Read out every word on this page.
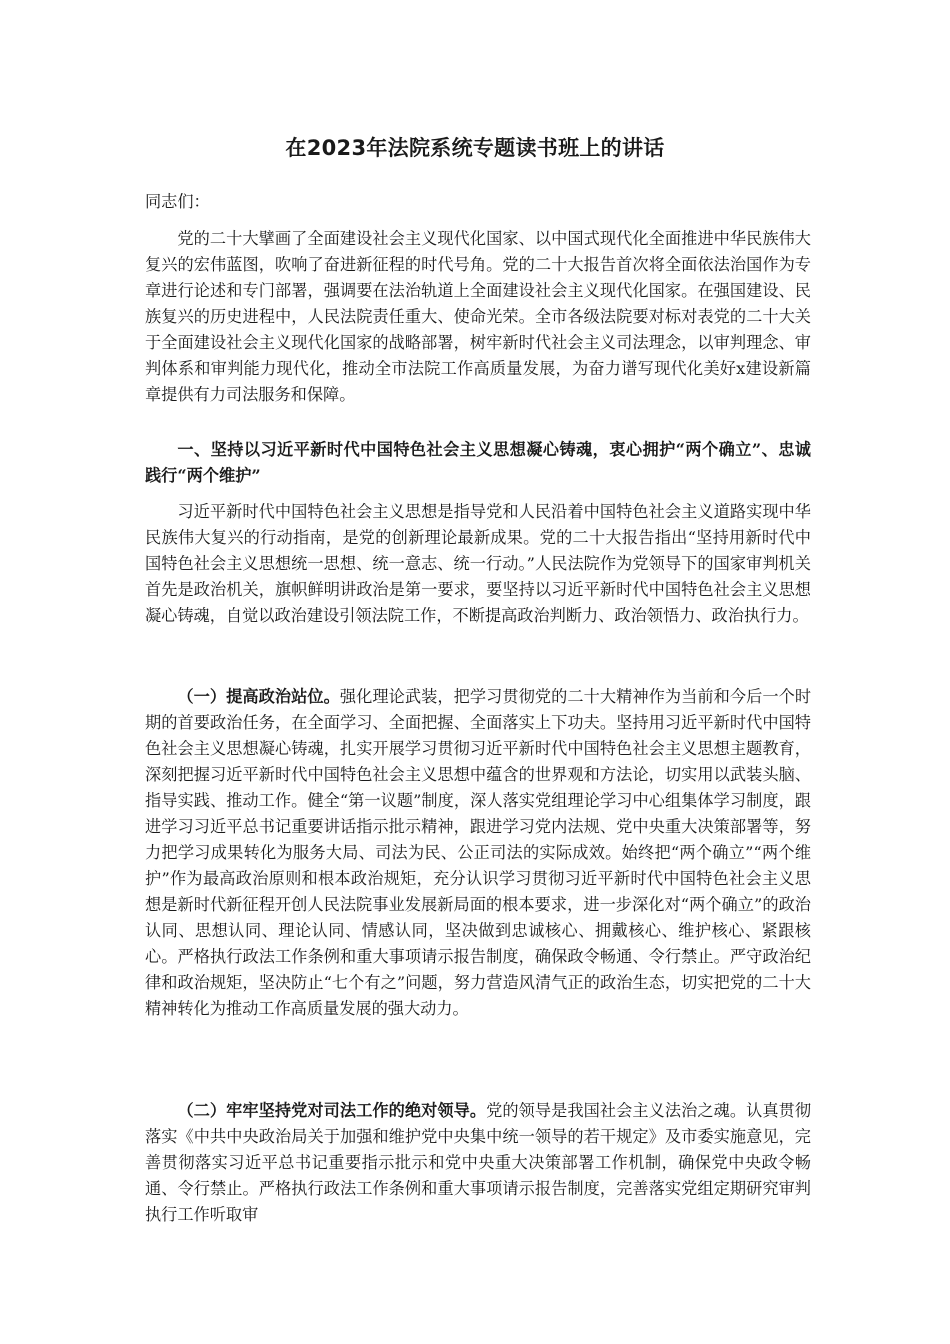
在2023年法院系统专题读书班上的讲话

同志们：

党的二十大擘画了全面建设社会主义现代化国家、以中国式现代化全面推进中华民族伟大复兴的宏伟蓝图，吹响了奋进新征程的时代号角。党的二十大报告首次将全面依法治国作为专章进行论述和专门部署，强调要在法治轨道上全面建设社会主义现代化国家。在强国建设、民族复兴的历史进程中，人民法院责任重大、使命光荣。全市各级法院要对标对表党的二十大关于全面建设社会主义现代化国家的战略部署，树牢新时代社会主义司法理念，以审判理念、审判体系和审判能力现代化，推动全市法院工作高质量发展，为奋力谱写现代化美好x建设新篇章提供有力司法服务和保障。

一、坚持以习近平新时代中国特色社会主义思想凝心铸魂，衷心拥护“两个确立”、忠诚践行“两个维护”

习近平新时代中国特色社会主义思想是指导党和人民沿着中国特色社会主义道路实现中华民族伟大复兴的行动指南，是党的创新理论最新成果。党的二十大报告指出“坚持用新时代中国特色社会主义思想统一思想、统一意志、统一行动。”人民法院作为党领导下的国家审判机关首先是政治机关，旗帜鲜明讲政治是第一要求，要坚持以习近平新时代中国特色社会主义思想凝心铸魂，自觉以政治建设引领法院工作，不断提高政治判断力、政治领悟力、政治执行力。

（一）提高政治站位。强化理论武装，把学习贯彻党的二十大精神作为当前和今后一个时期的首要政治任务，在全面学习、全面把握、全面落实上下功夫。坚持用习近平新时代中国特色社会主义思想凝心铸魂，扎实开展学习贯彻习近平新时代中国特色社会主义思想主题教育，深刻把握习近平新时代中国特色社会主义思想中蕴含的世界观和方法论，切实用以武装头脑、指导实践、推动工作。健全“第一议题”制度，深人落实党组理论学习中心组集体学习制度，跟进学习习近平总书记重要讲话指示批示精神，跟进学习党内法规、党中央重大决策部署等，努力把学习成果转化为服务大局、司法为民、公正司法的实际成效。始终把“两个确立”“两个维护”作为最高政治原则和根本政治规矩，充分认识学习贯彻习近平新时代中国特色社会主义思想是新时代新征程开创人民法院事业发展新局面的根本要求，进一步深化对“两个确立”的政治认同、思想认同、理论认同、情感认同，坚决做到忠诚核心、拥戴核心、维护核心、紧跟核心。严格执行政法工作条例和重大事项请示报告制度，确保政令畅通、令行禁止。严守政治纪律和政治规矩，坚决防止“七个有之”问题，努力营造风清气正的政治生态，切实把党的二十大精神转化为推动工作高质量发展的强大动力。

（二）牢牢坚持党对司法工作的绝对领导。党的领导是我国社会主义法治之魂。认真贯彻落实《中共中央政治局关于加强和维护党中央集中统一领导的若干规定》及市委实施意见，完善贯彻落实习近平总书记重要指示批示和党中央重大决策部署工作机制，确保党中央政令畅通、令行禁止。严格执行政法工作条例和重大事项请示报告制度，完善落实党组定期研究审判执行工作听取审
